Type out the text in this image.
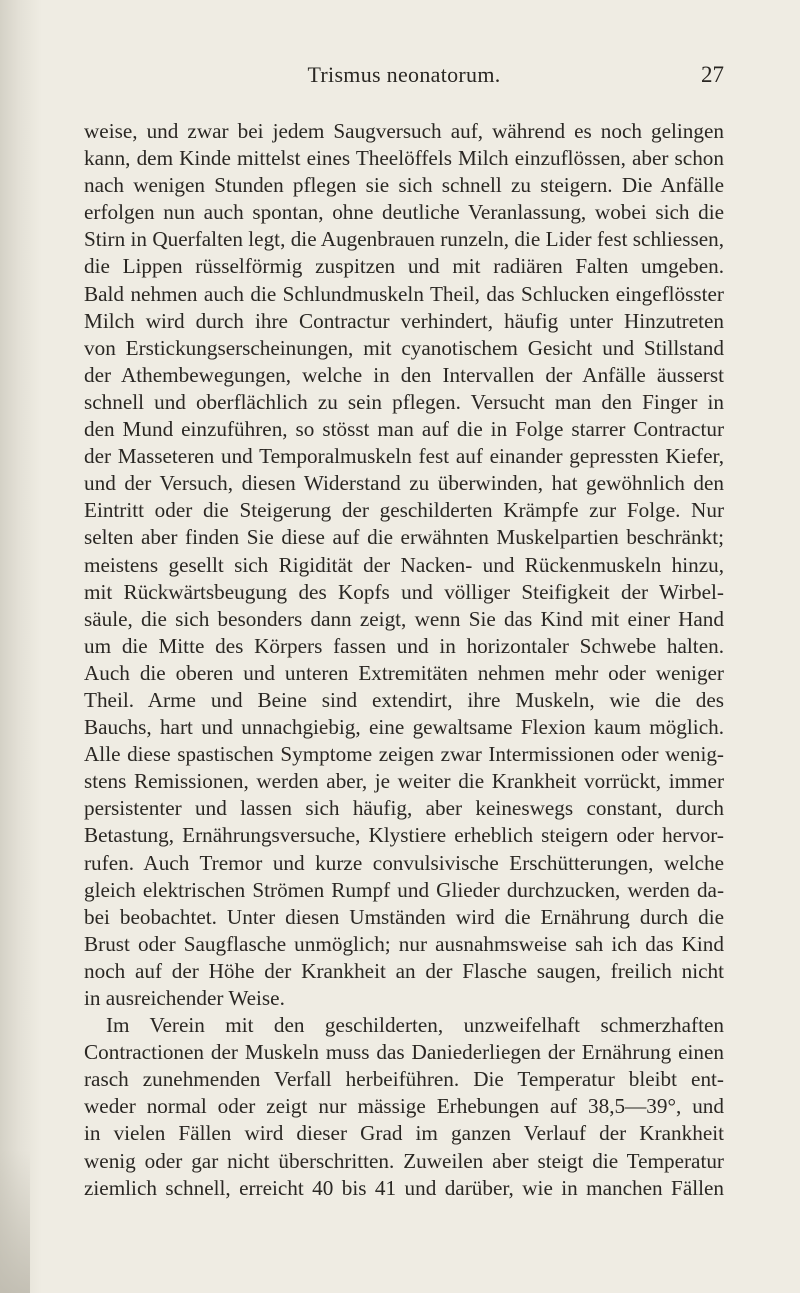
Trismus neonatorum.	27
weise, und zwar bei jedem Saugversuch auf, während es noch gelingen
kann, dem Kinde mittelst eines Theelöffels Milch einzuflössen, aber schon
nach wenigen Stunden pflegen sie sich schnell zu steigern. Die Anfälle
erfolgen nun auch spontan, ohne deutliche Veranlassung, wobei sich die
Stirn in Querfalten legt, die Augenbrauen runzeln, die Lider fest schliessen,
die Lippen rüsselförmig zuspitzen und mit radiären Falten umgeben.
Bald nehmen auch die Schlundmuskeln Theil, das Schlucken eingeflösster
Milch wird durch ihre Contractur verhindert, häufig unter Hinzutreten
von Erstickungserscheinungen, mit cyanotischem Gesicht und Stillstand
der Athembewegungen, welche in den Intervallen der Anfälle äusserst
schnell und oberflächlich zu sein pflegen. Versucht man den Finger in
den Mund einzuführen, so stösst man auf die in Folge starrer Contractur
der Masseteren und Temporalmuskeln fest auf einander gepressten Kiefer,
und der Versuch, diesen Widerstand zu überwinden, hat gewöhnlich den
Eintritt oder die Steigerung der geschilderten Krämpfe zur Folge. Nur
selten aber finden Sie diese auf die erwähnten Muskelpartien beschränkt;
meistens gesellt sich Rigidität der Nacken- und Rückenmuskeln hinzu,
mit Rückwärtsbeugung des Kopfs und völliger Steifigkeit der Wirbel-
säule, die sich besonders dann zeigt, wenn Sie das Kind mit einer Hand
um die Mitte des Körpers fassen und in horizontaler Schwebe halten.
Auch die oberen und unteren Extremitäten nehmen mehr oder weniger
Theil. Arme und Beine sind extendirt, ihre Muskeln, wie die des
Bauchs, hart und unnachgiebig, eine gewaltsame Flexion kaum möglich.
Alle diese spastischen Symptome zeigen zwar Intermissionen oder wenig-
stens Remissionen, werden aber, je weiter die Krankheit vorrückt, immer
persistenter und lassen sich häufig, aber keineswegs constant, durch
Betastung, Ernährungsversuche, Klystiere erheblich steigern oder hervor-
rufen. Auch Tremor und kurze convulsivische Erschütterungen, welche
gleich elektrischen Strömen Rumpf und Glieder durchzucken, werden da-
bei beobachtet. Unter diesen Umständen wird die Ernährung durch die
Brust oder Saugflasche unmöglich; nur ausnahmsweise sah ich das Kind
noch auf der Höhe der Krankheit an der Flasche saugen, freilich nicht
in ausreichender Weise.
Im Verein mit den geschilderten, unzweifelhaft schmerzhaften
Contractionen der Muskeln muss das Daniederliegen der Ernährung einen
rasch zunehmenden Verfall herbeiführen. Die Temperatur bleibt ent-
weder normal oder zeigt nur mässige Erhebungen auf 38,5—39°, und
in vielen Fällen wird dieser Grad im ganzen Verlauf der Krankheit
wenig oder gar nicht überschritten. Zuweilen aber steigt die Temperatur
ziemlich schnell, erreicht 40 bis 41 und darüber, wie in manchen Fällen
